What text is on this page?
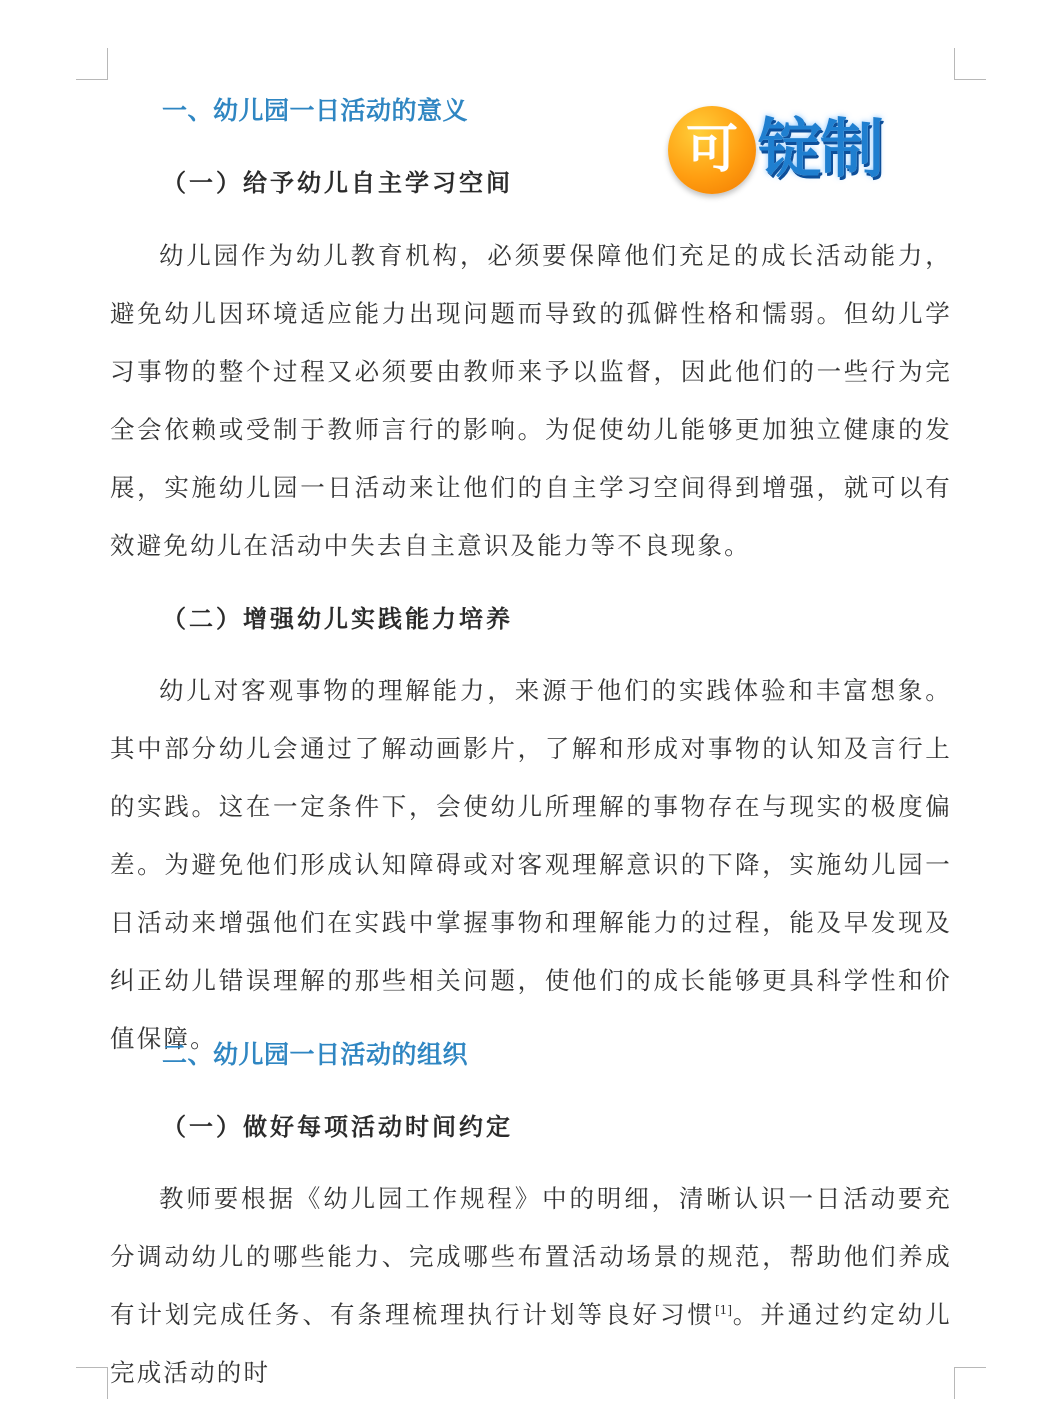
可 锭制
一、幼儿园一日活动的意义
（一）给予幼儿自主学习空间

幼儿园作为幼儿教育机构，必须要保障他们充足的成长活动能力，避免幼儿因环境适应能力出现问题而导致的孤僻性格和懦弱。但幼儿学习事物的整个过程又必须要由教师来予以监督，因此他们的一些行为完全会依赖或受制于教师言行的影响。为促使幼儿能够更加独立健康的发展，实施幼儿园一日活动来让他们的自主学习空间得到增强，就可以有效避免幼儿在活动中失去自主意识及能力等不良现象。

（二）增强幼儿实践能力培养

幼儿对客观事物的理解能力，来源于他们的实践体验和丰富想象。其中部分幼儿会通过了解动画影片，了解和形成对事物的认知及言行上的实践。这在一定条件下，会使幼儿所理解的事物存在与现实的极度偏差。为避免他们形成认知障碍或对客观理解意识的下降，实施幼儿园一日活动来增强他们在实践中掌握事物和理解能力的过程，能及早发现及纠正幼儿错误理解的那些相关问题，使他们的成长能够更具科学性和价值保障。

二、幼儿园一日活动的组织
（一）做好每项活动时间约定

教师要根据《幼儿园工作规程》中的明细，清晰认识一日活动要充分调动幼儿的哪些能力、完成哪些布置活动场景的规范，帮助他们养成有计划完成任务、有条理梳理执行计划等良好习惯[1]。并通过约定幼儿完成活动的时
